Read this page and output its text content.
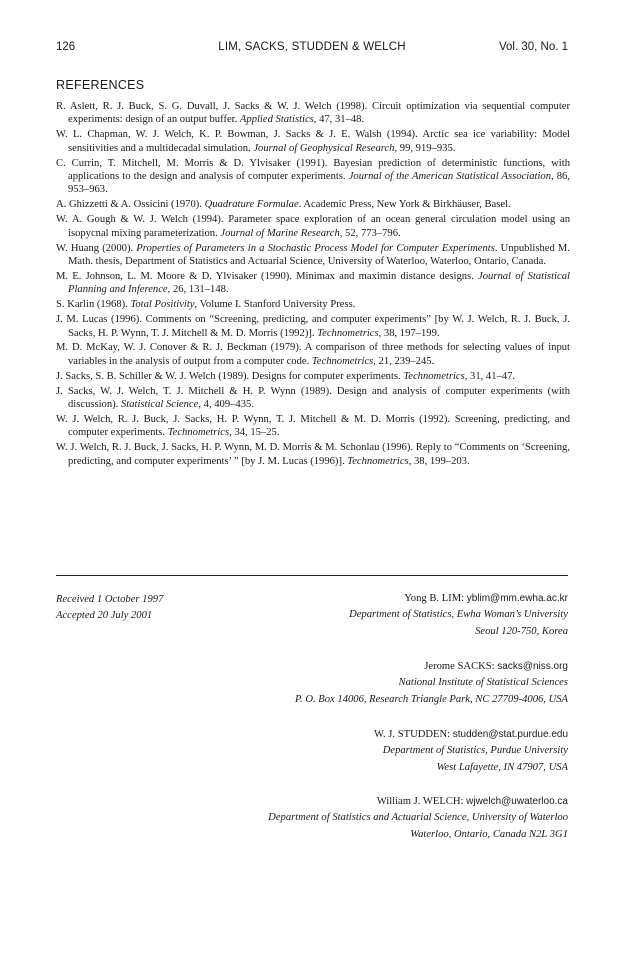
126	LIM, SACKS, STUDDEN & WELCH	Vol. 30, No. 1
REFERENCES
R. Aslett, R. J. Buck, S. G. Duvall, J. Sacks & W. J. Welch (1998). Circuit optimization via sequential computer experiments: design of an output buffer. Applied Statistics, 47, 31–48.
W. L. Chapman, W. J. Welch, K. P. Bowman, J. Sacks & J. E. Walsh (1994). Arctic sea ice variability: Model sensitivities and a multidecadal simulation. Journal of Geophysical Research, 99, 919–935.
C. Currin, T. Mitchell, M. Morris & D. Ylvisaker (1991). Bayesian prediction of deterministic functions, with applications to the design and analysis of computer experiments. Journal of the American Statistical Association, 86, 953–963.
A. Ghizzetti & A. Ossicini (1970). Quadrature Formulae. Academic Press, New York & Birkhäuser, Basel.
W. A. Gough & W. J. Welch (1994). Parameter space exploration of an ocean general circulation model using an isopycnal mixing parameterization. Journal of Marine Research, 52, 773–796.
W. Huang (2000). Properties of Parameters in a Stochastic Process Model for Computer Experiments. Unpublished M. Math. thesis, Department of Statistics and Actuarial Science, University of Waterloo, Waterloo, Ontario, Canada.
M. E. Johnson, L. M. Moore & D. Ylvisaker (1990). Minimax and maximin distance designs. Journal of Statistical Planning and Inference, 26, 131–148.
S. Karlin (1968). Total Positivity, Volume I. Stanford University Press.
J. M. Lucas (1996). Comments on “Screening, predicting, and computer experiments” [by W. J. Welch, R. J. Buck, J. Sacks, H. P. Wynn, T. J. Mitchell & M. D. Morris (1992)]. Technometrics, 38, 197–199.
M. D. McKay, W. J. Conover & R. J. Beckman (1979). A comparison of three methods for selecting values of input variables in the analysis of output from a computer code. Technometrics, 21, 239–245.
J. Sacks, S. B. Schiller & W. J. Welch (1989). Designs for computer experiments. Technometrics, 31, 41–47.
J. Sacks, W. J. Welch, T. J. Mitchell & H. P. Wynn (1989). Design and analysis of computer experiments (with discussion). Statistical Science, 4, 409–435.
W. J. Welch, R. J. Buck, J. Sacks, H. P. Wynn, T. J. Mitchell & M. D. Morris (1992). Screening, predicting, and computer experiments. Technometrics, 34, 15–25.
W. J. Welch, R. J. Buck, J. Sacks, H. P. Wynn, M. D. Morris & M. Schonlau (1996). Reply to “Comments on ‘Screening, predicting, and computer experiments’ ” [by J. M. Lucas (1996)]. Technometrics, 38, 199–203.
Received 1 October 1997
Accepted 20 July 2001
Yong B. LIM: yblim@mm.ewha.ac.kr
Department of Statistics, Ewha Woman’s University
Seoul 120-750, Korea
Jerome SACKS: sacks@niss.org
National Institute of Statistical Sciences
P. O. Box 14006, Research Triangle Park, NC 27709-4006, USA
W. J. STUDDEN: studden@stat.purdue.edu
Department of Statistics, Purdue University
West Lafayette, IN 47907, USA
William J. WELCH: wjwelch@uwaterloo.ca
Department of Statistics and Actuarial Science, University of Waterloo
Waterloo, Ontario, Canada N2L 3G1
